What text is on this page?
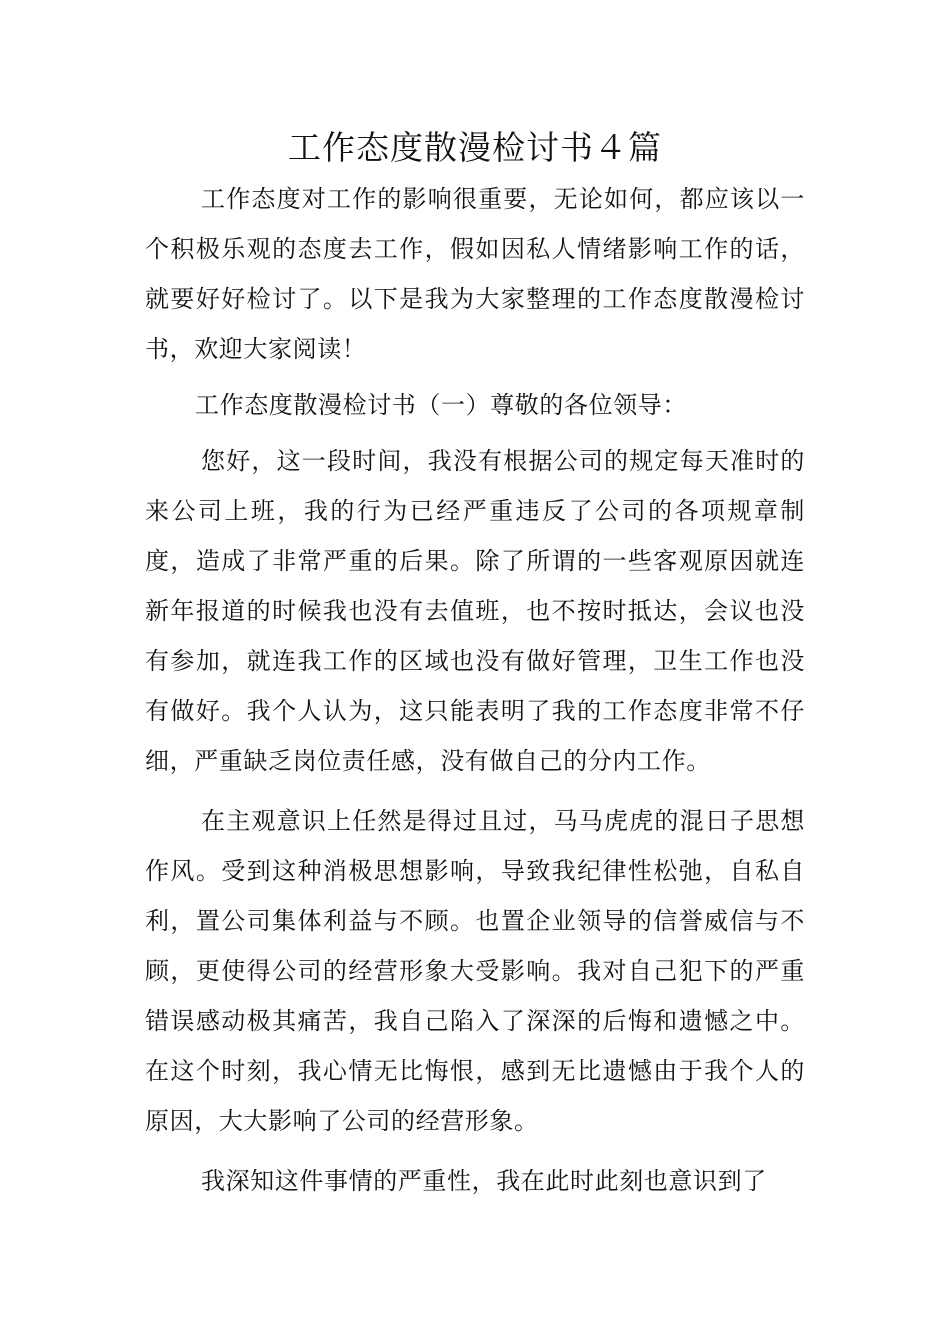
工作态度散漫检讨书４篇

工作态度对工作的影响很重要，无论如何，都应该以一个积极乐观的态度去工作，假如因私人情绪影响工作的话，就要好好检讨了。以下是我为大家整理的工作态度散漫检讨书，欢迎大家阅读！

工作态度散漫检讨书（一）尊敬的各位领导：

您好，这一段时间，我没有根据公司的规定每天准时的来公司上班，我的行为已经严重违反了公司的各项规章制度，造成了非常严重的后果。除了所谓的一些客观原因就连新年报道的时候我也没有去值班，也不按时抵达，会议也没有参加，就连我工作的区域也没有做好管理，卫生工作也没有做好。我个人认为，这只能表明了我的工作态度非常不仔细，严重缺乏岗位责任感，没有做自己的分内工作。

在主观意识上任然是得过且过，马马虎虎的混日子思想作风。受到这种消极思想影响，导致我纪律性松弛，自私自利，置公司集体利益与不顾。也置企业领导的信誉威信与不顾，更使得公司的经营形象大受影响。我对自己犯下的严重错误感动极其痛苦，我自己陷入了深深的后悔和遗憾之中。在这个时刻，我心情无比悔恨，感到无比遗憾由于我个人的原因，大大影响了公司的经营形象。

我深知这件事情的严重性，我在此时此刻也意识到了
